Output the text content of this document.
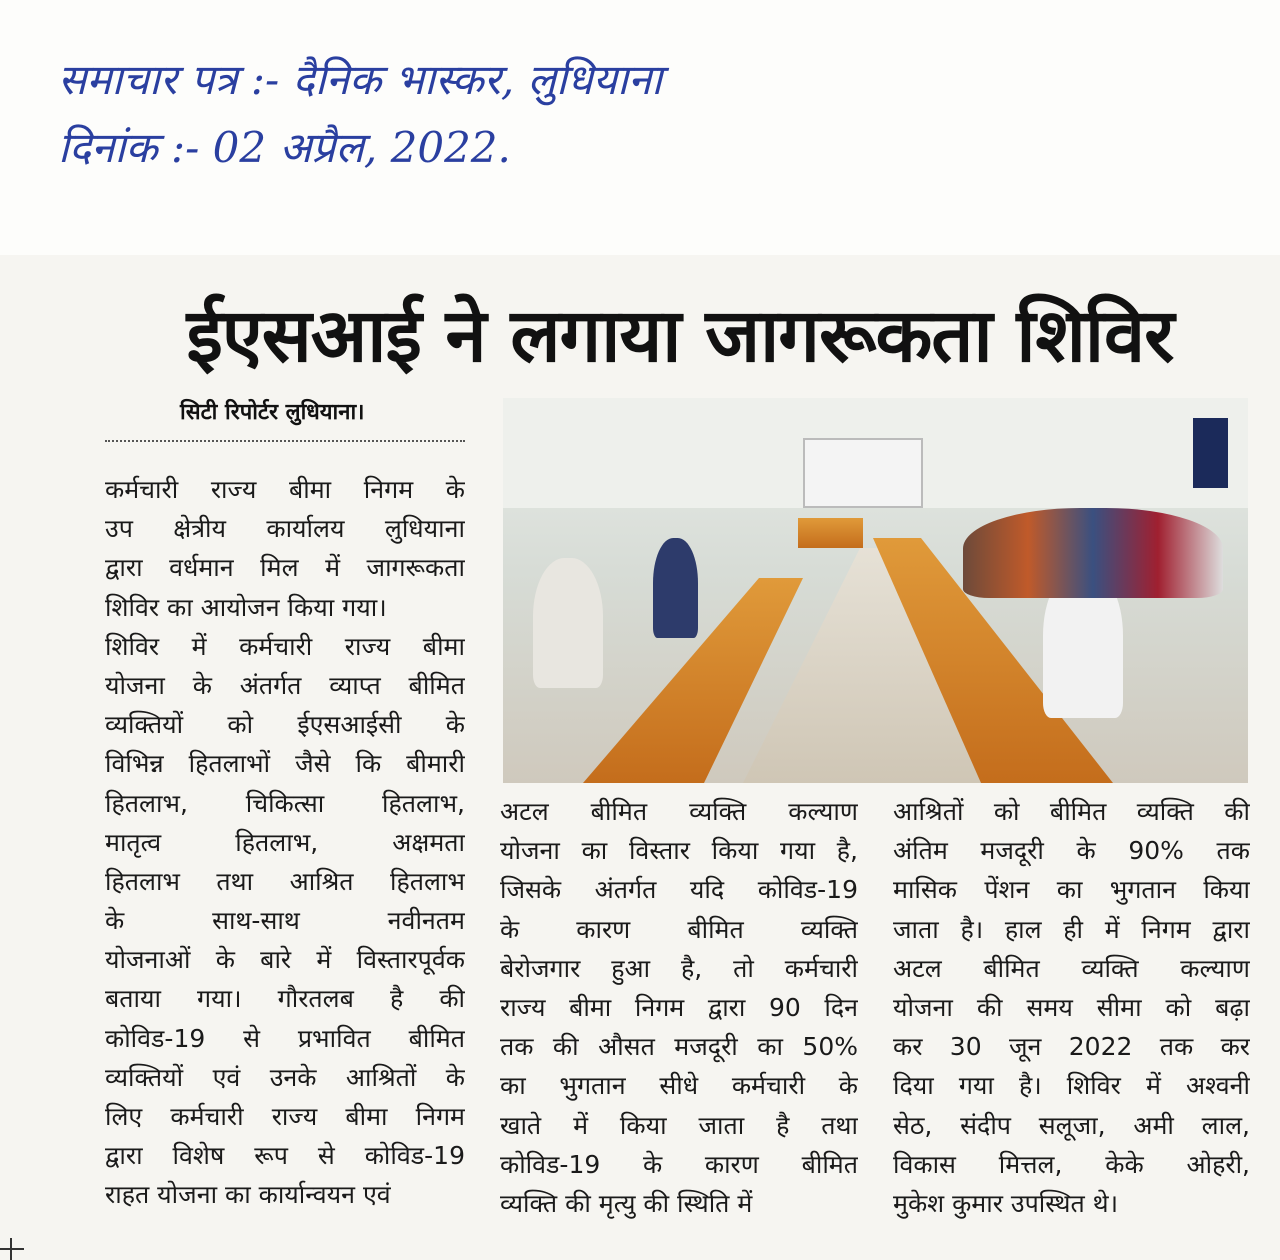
समाचार पत्र :- दैनिक भास्कर, लुधियाना
दिनांक :- 02 अप्रैल, 2022.
ईएसआई ने लगाया जागरूकता शिविर
सिटी रिपोर्टर लुधियाना।
कर्मचारी राज्य बीमा निगम के
उप क्षेत्रीय कार्यालय लुधियाना
द्वारा वर्धमान मिल में जागरूकता
शिविर का आयोजन किया गया।
शिविर में कर्मचारी राज्य बीमा
योजना के अंतर्गत व्याप्त बीमित
व्यक्तियों को ईएसआईसी के
विभिन्न हितलाभों जैसे कि बीमारी
हितलाभ, चिकित्सा हितलाभ,
मातृत्व हितलाभ, अक्षमता
हितलाभ तथा आश्रित हितलाभ
के साथ-साथ नवीनतम
योजनाओं के बारे में विस्तारपूर्वक
बताया गया। गौरतलब है की
कोविड-19 से प्रभावित बीमित
व्यक्तियों एवं उनके आश्रितों के
लिए कर्मचारी राज्य बीमा निगम
द्वारा विशेष रूप से कोविड-19
राहत योजना का कार्यान्वयन एवं
अटल बीमित व्यक्ति कल्याण
योजना का विस्तार किया गया है,
जिसके अंतर्गत यदि कोविड-19
के कारण बीमित व्यक्ति
बेरोजगार हुआ है, तो कर्मचारी
राज्य बीमा निगम द्वारा 90 दिन
तक की औसत मजदूरी का 50%
का भुगतान सीधे कर्मचारी के
खाते में किया जाता है तथा
कोविड-19 के कारण बीमित
व्यक्ति की मृत्यु की स्थिति में
आश्रितों को बीमित व्यक्ति की
अंतिम मजदूरी के 90% तक
मासिक पेंशन का भुगतान किया
जाता है। हाल ही में निगम द्वारा
अटल बीमित व्यक्ति कल्याण
योजना की समय सीमा को बढ़ा
कर 30 जून 2022 तक कर
दिया गया है। शिविर में अश्वनी
सेठ, संदीप सलूजा, अमी लाल,
विकास मित्तल, केके ओहरी,
मुकेश कुमार उपस्थित थे।
